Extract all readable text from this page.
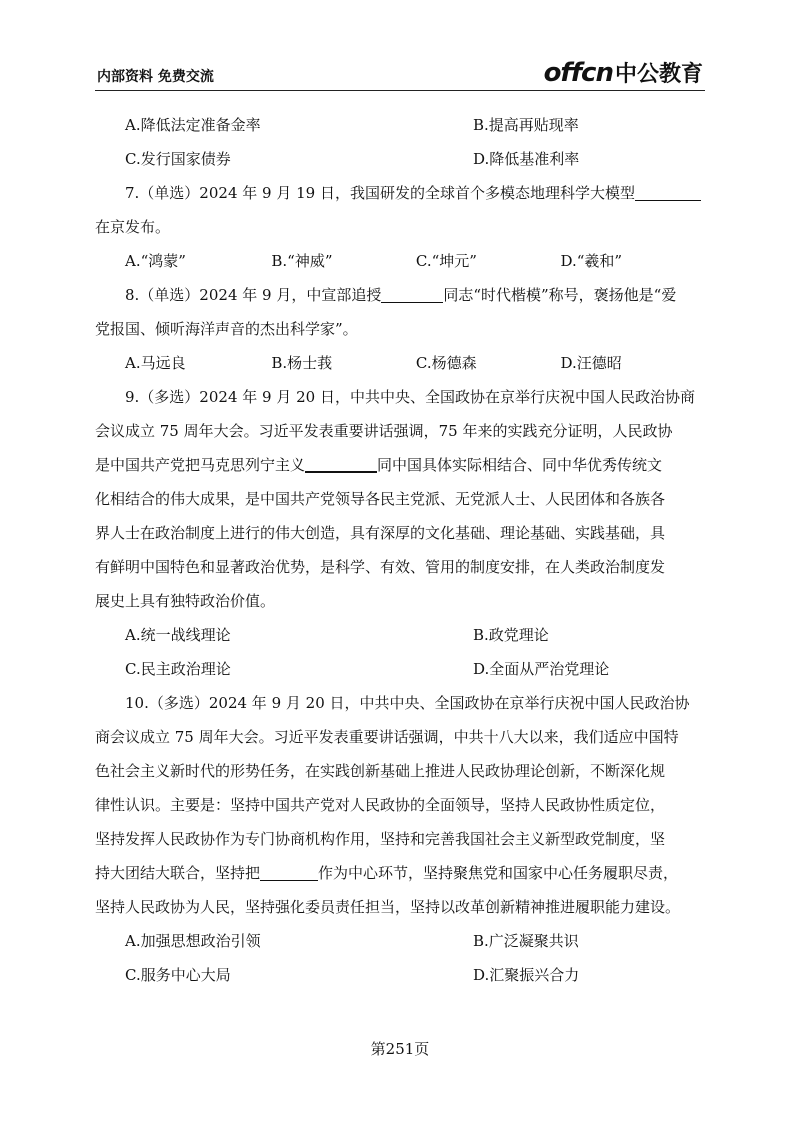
内部资料 免费交流	offcn 中公教育
A.降低法定准备金率	B.提高再贴现率
C.发行国家债券	D.降低基准利率
7.（单选）2024 年 9 月 19 日，我国研发的全球首个多模态地理科学大模型
在京发布。
A.“鸿蒙”	B.“神威”	C.“坤元”	D.“羲和”
8.（单选）2024 年 9 月，中宣部追授	同志“时代楷模”称号，褒扬他是“爱
党报国、倾听海洋声音的杰出科学家”。
A.马远良	B.杨士莪	C.杨德森	D.汪德昭
9.（多选）2024 年 9 月 20 日，中共中央、全国政协在京举行庆祝中国人民政治协商
会议成立 75 周年大会。习近平发表重要讲话强调，75 年来的实践充分证明，人民政协
是中国共产党把马克思列宁主义	同中国具体实际相结合、同中华优秀传统文
化相结合的伟大成果，是中国共产党领导各民主党派、无党派人士、人民团体和各族各
界人士在政治制度上进行的伟大创造，具有深厚的文化基础、理论基础、实践基础，具
有鲜明中国特色和显著政治优势，是科学、有效、管用的制度安排，在人类政治制度发
展史上具有独特政治价值。
A.统一战线理论	B.政党理论
C.民主政治理论	D.全面从严治党理论
10.（多选）2024 年 9 月 20 日，中共中央、全国政协在京举行庆祝中国人民政治协
商会议成立 75 周年大会。习近平发表重要讲话强调，中共十八大以来，我们适应中国特
色社会主义新时代的形势任务，在实践创新基础上推进人民政协理论创新，不断深化规
律性认识。主要是：坚持中国共产党对人民政协的全面领导，坚持人民政协性质定位，
坚持发挥人民政协作为专门协商机构作用，坚持和完善我国社会主义新型政党制度，坚
持大团结大联合，坚持把	作为中心环节，坚持聚焦党和国家中心任务履职尽责，
坚持人民政协为人民，坚持强化委员责任担当，坚持以改革创新精神推进履职能力建设。
A.加强思想政治引领	B.广泛凝聚共识
C.服务中心大局	D.汇聚振兴合力
第251页
